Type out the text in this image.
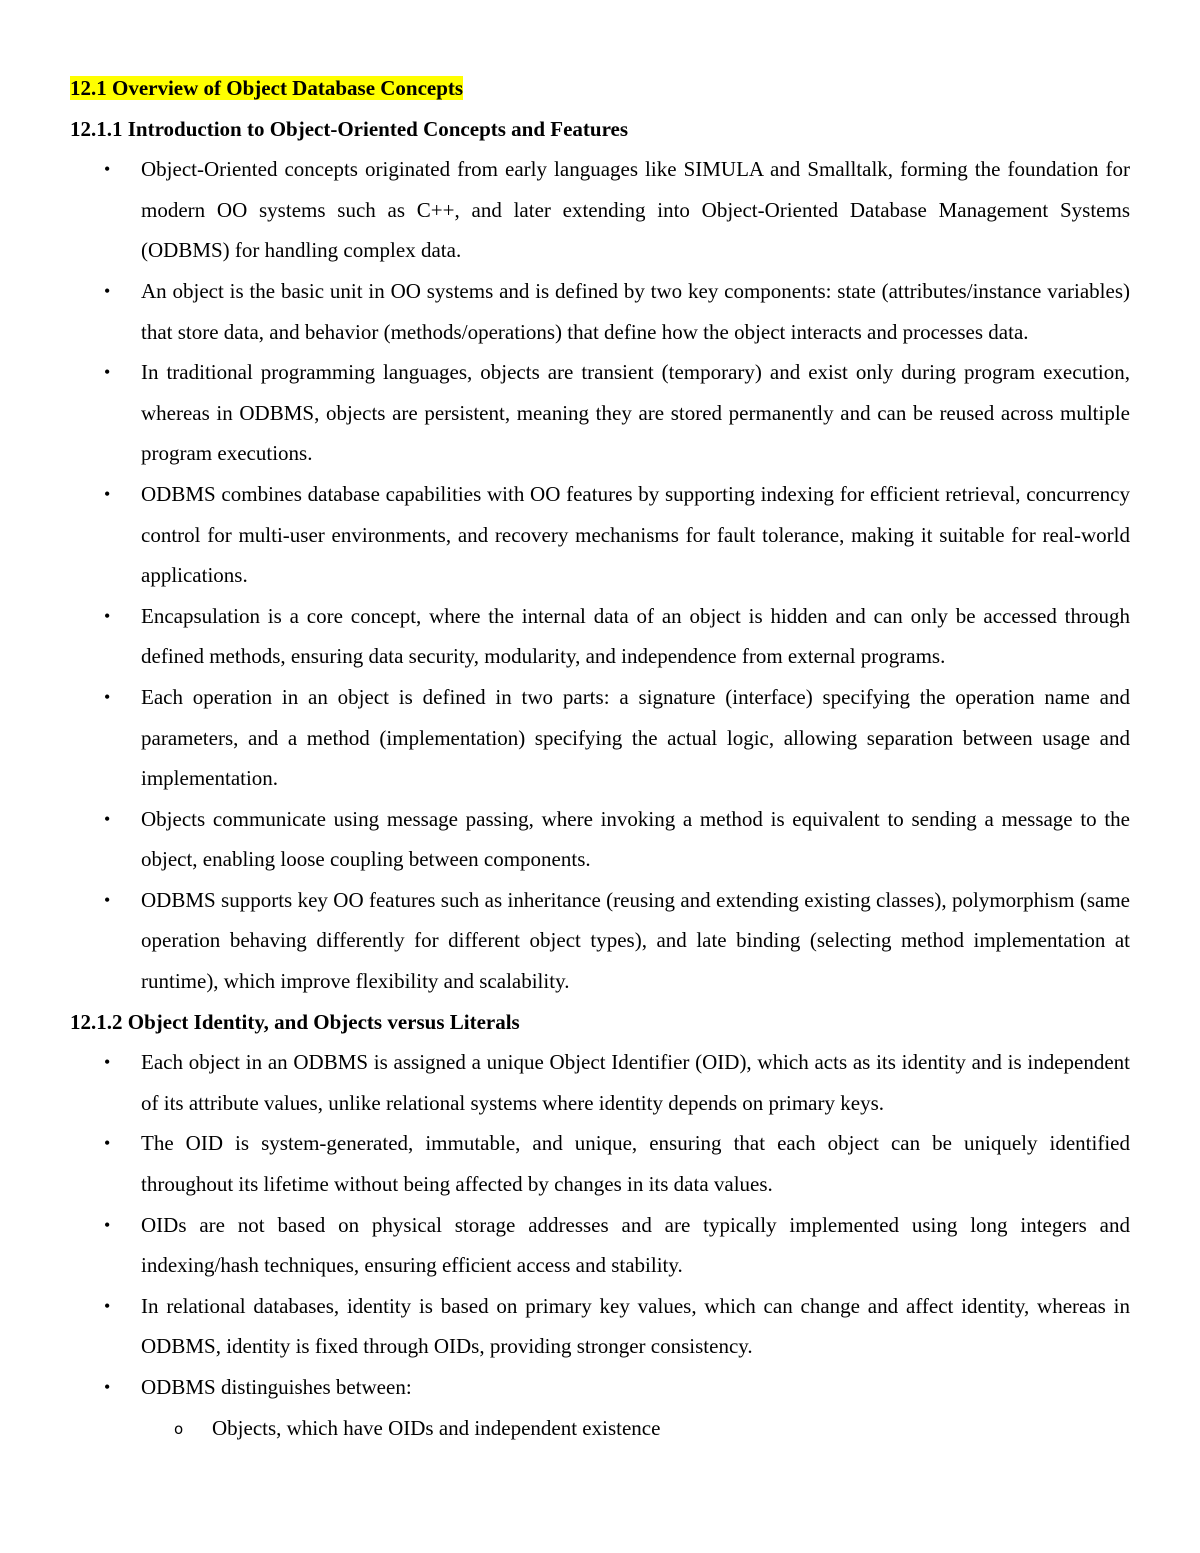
12.1 Overview of Object Database Concepts
12.1.1 Introduction to Object-Oriented Concepts and Features
• Object-Oriented concepts originated from early languages like SIMULA and Smalltalk, forming the foundation for modern OO systems such as C++, and later extending into Object-Oriented Database Management Systems (ODBMS) for handling complex data.
• An object is the basic unit in OO systems and is defined by two key components: state (attributes/instance variables) that store data, and behavior (methods/operations) that define how the object interacts and processes data.
• In traditional programming languages, objects are transient (temporary) and exist only during program execution, whereas in ODBMS, objects are persistent, meaning they are stored permanently and can be reused across multiple program executions.
• ODBMS combines database capabilities with OO features by supporting indexing for efficient retrieval, concurrency control for multi-user environments, and recovery mechanisms for fault tolerance, making it suitable for real-world applications.
• Encapsulation is a core concept, where the internal data of an object is hidden and can only be accessed through defined methods, ensuring data security, modularity, and independence from external programs.
• Each operation in an object is defined in two parts: a signature (interface) specifying the operation name and parameters, and a method (implementation) specifying the actual logic, allowing separation between usage and implementation.
• Objects communicate using message passing, where invoking a method is equivalent to sending a message to the object, enabling loose coupling between components.
• ODBMS supports key OO features such as inheritance (reusing and extending existing classes), polymorphism (same operation behaving differently for different object types), and late binding (selecting method implementation at runtime), which improve flexibility and scalability.
12.1.2 Object Identity, and Objects versus Literals
• Each object in an ODBMS is assigned a unique Object Identifier (OID), which acts as its identity and is independent of its attribute values, unlike relational systems where identity depends on primary keys.
• The OID is system-generated, immutable, and unique, ensuring that each object can be uniquely identified throughout its lifetime without being affected by changes in its data values.
• OIDs are not based on physical storage addresses and are typically implemented using long integers and indexing/hash techniques, ensuring efficient access and stability.
• In relational databases, identity is based on primary key values, which can change and affect identity, whereas in ODBMS, identity is fixed through OIDs, providing stronger consistency.
• ODBMS distinguishes between:
o Objects, which have OIDs and independent existence
